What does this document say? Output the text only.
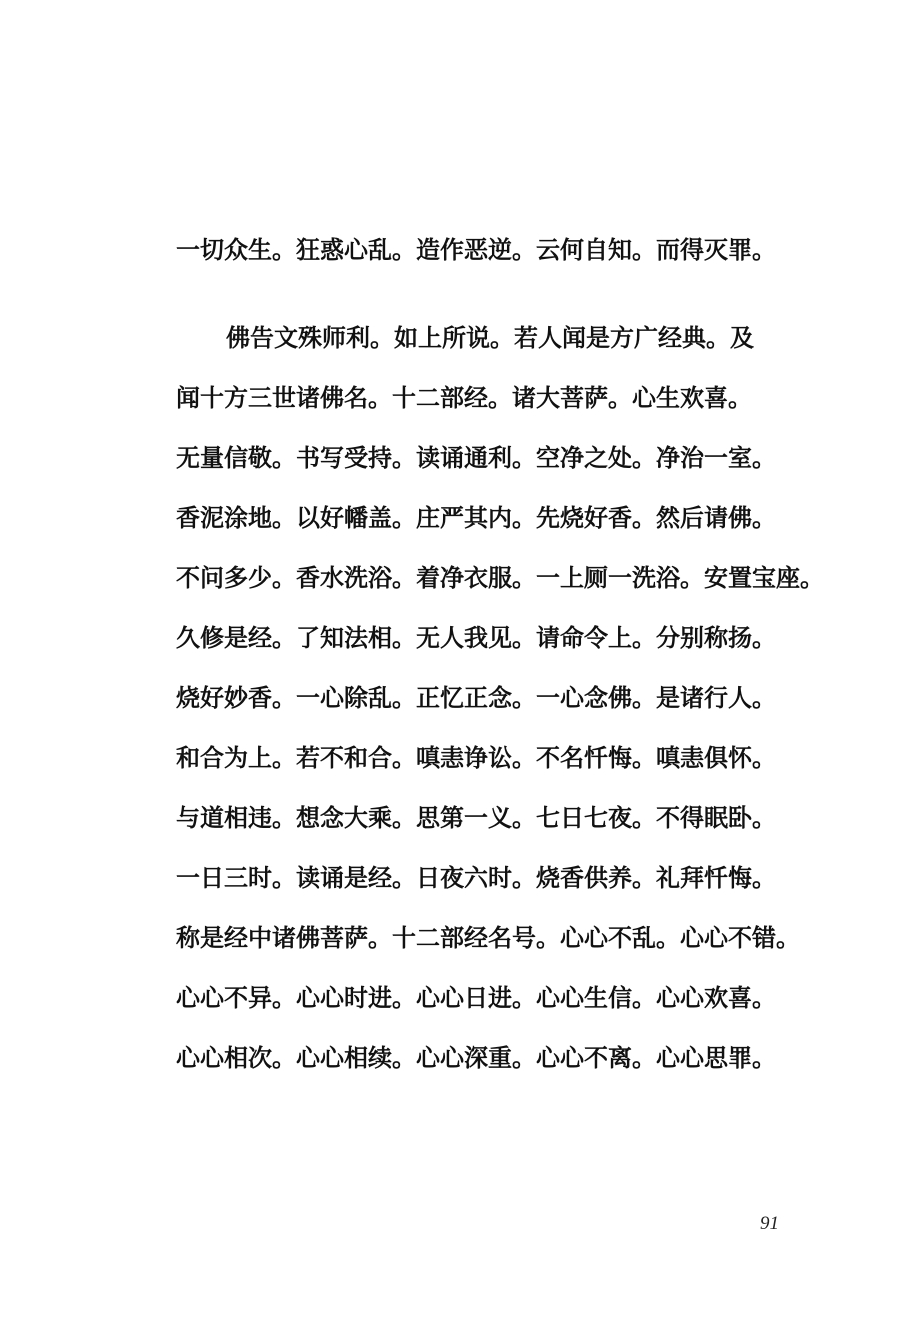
一切众生。狂惑心乱。造作恶逆。云何自知。而得灭罪。
佛告文殊师利。如上所说。若人闻是方广经典。及
闻十方三世诸佛名。十二部经。诸大菩萨。心生欢喜。
无量信敬。书写受持。读诵通利。空净之处。净治一室。
香泥涂地。以好幡盖。庄严其内。先烧好香。然后请佛。
不问多少。香水洗浴。着净衣服。一上厕一洗浴。安置宝座。
久修是经。了知法相。无人我见。请命令上。分别称扬。
烧好妙香。一心除乱。正忆正念。一心念佛。是诸行人。
和合为上。若不和合。嗔恚诤讼。不名忏悔。嗔恚俱怀。
与道相违。想念大乘。思第一义。七日七夜。不得眠卧。
一日三时。读诵是经。日夜六时。烧香供养。礼拜忏悔。
称是经中诸佛菩萨。十二部经名号。心心不乱。心心不错。
心心不异。心心时进。心心日进。心心生信。心心欢喜。
心心相次。心心相续。心心深重。心心不离。心心思罪。
91
